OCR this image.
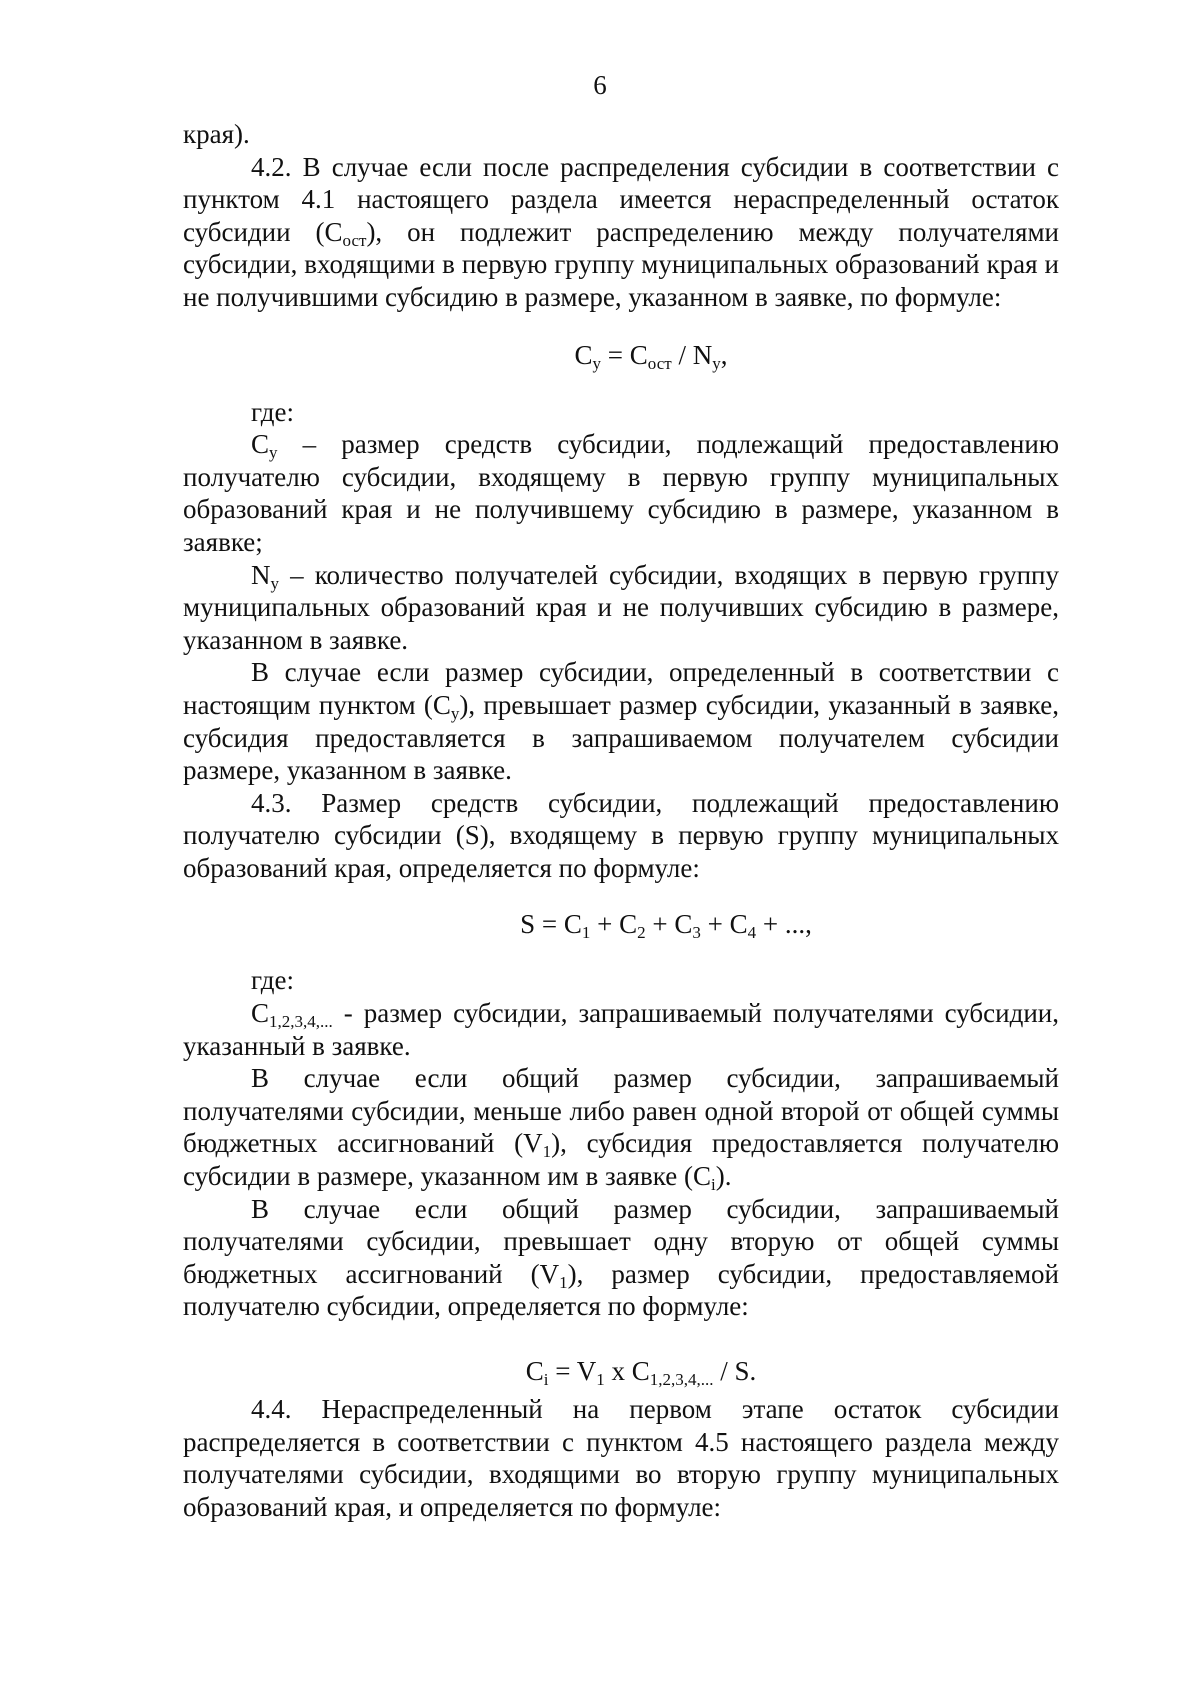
6

края).

4.2. В случае если после распределения субсидии в соответствии с пунктом 4.1 настоящего раздела имеется нераспределенный остаток субсидии $(С_{ост})$, он подлежит распределению между получателями субсидии, входящими в первую группу муниципальных образований края и не получившими субсидию в размере, указанном в заявке, по формуле:

$С_у = С_{ост} / N_у$,

где:

$С_у$ – размер средств субсидии, подлежащий предоставлению получателю субсидии, входящему в первую группу муниципальных образований края и не получившему субсидию в размере, указанном в заявке;

$N_у$ – количество получателей субсидии, входящих в первую группу муниципальных образований края и не получивших субсидию в размере, указанном в заявке.

В случае если размер субсидии, определенный в соответствии с настоящим пунктом $(С_у)$, превышает размер субсидии, указанный в заявке, субсидия предоставляется в запрашиваемом получателем субсидии размере, указанном в заявке.

4.3. Размер средств субсидии, подлежащий предоставлению получателю субсидии (S), входящему в первую группу муниципальных образований края, определяется по формуле:

$S = С_1 + С_2 + С_3 + С_4$ + ...,

где:

$С_{1,2,3,4,...}$ - размер субсидии, запрашиваемый получателями субсидии, указанный в заявке.

В случае если общий размер субсидии, запрашиваемый получателями субсидии, меньше либо равен одной второй от общей суммы бюджетных ассигнований $(V_1)$, субсидия предоставляется получателю субсидии в размере, указанном им в заявке $(С_i)$.

В случае если общий размер субсидии, запрашиваемый получателями субсидии, превышает одну вторую от общей суммы бюджетных ассигнований $(V_1)$, размер субсидии, предоставляемой получателю субсидии, определяется по формуле:

$С_i = V_1$ x $С_{1,2,3,4,...}$ / S.

4.4. Нераспределенный на первом этапе остаток субсидии распределяется в соответствии с пунктом 4.5 настоящего раздела между получателями субсидии, входящими во вторую группу муниципальных образований края, и определяется по формуле:
